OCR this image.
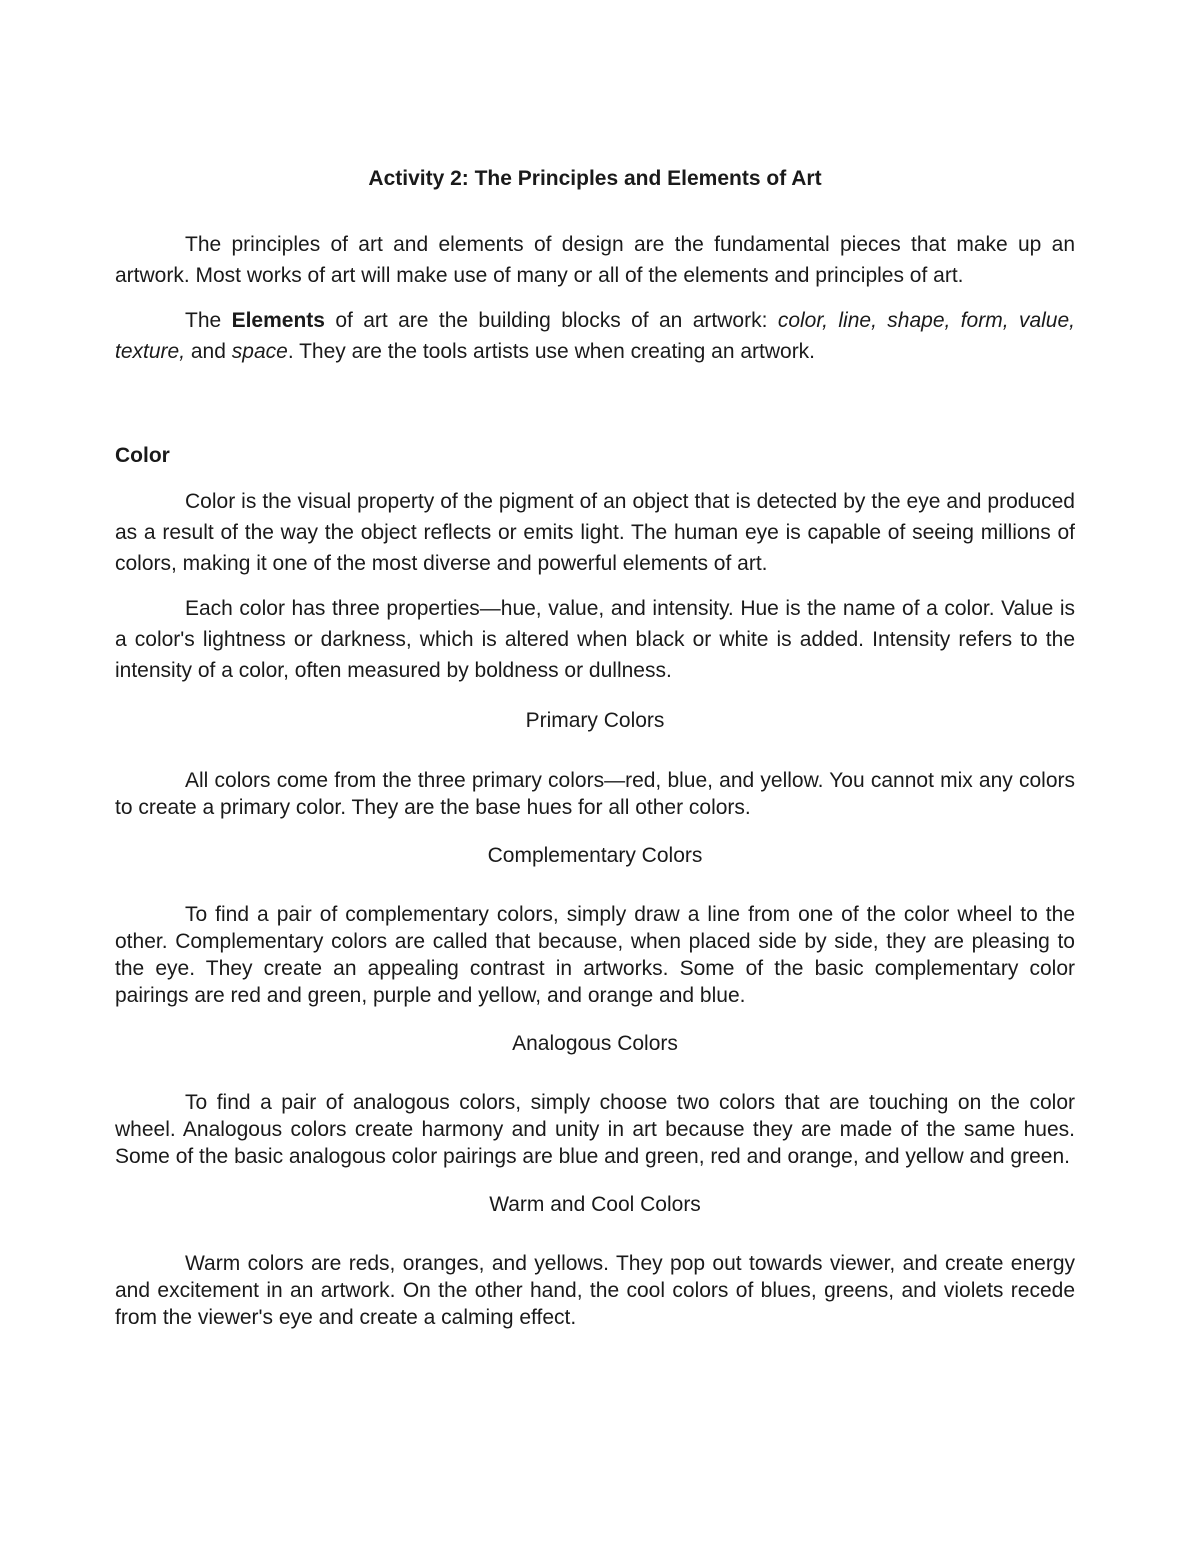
Activity 2: The Principles and Elements of Art

The principles of art and elements of design are the fundamental pieces that make up an artwork. Most works of art will make use of many or all of the elements and principles of art.

The Elements of art are the building blocks of an artwork: color, line, shape, form, value, texture, and space. They are the tools artists use when creating an artwork.

Color

Color is the visual property of the pigment of an object that is detected by the eye and produced as a result of the way the object reflects or emits light. The human eye is capable of seeing millions of colors, making it one of the most diverse and powerful elements of art.

Each color has three properties—hue, value, and intensity. Hue is the name of a color. Value is a color's lightness or darkness, which is altered when black or white is added. Intensity refers to the intensity of a color, often measured by boldness or dullness.

Primary Colors

All colors come from the three primary colors—red, blue, and yellow. You cannot mix any colors to create a primary color. They are the base hues for all other colors.

Complementary Colors

To find a pair of complementary colors, simply draw a line from one of the color wheel to the other. Complementary colors are called that because, when placed side by side, they are pleasing to the eye. They create an appealing contrast in artworks. Some of the basic complementary color pairings are red and green, purple and yellow, and orange and blue.

Analogous Colors

To find a pair of analogous colors, simply choose two colors that are touching on the color wheel. Analogous colors create harmony and unity in art because they are made of the same hues. Some of the basic analogous color pairings are blue and green, red and orange, and yellow and green.

Warm and Cool Colors

Warm colors are reds, oranges, and yellows. They pop out towards viewer, and create energy and excitement in an artwork. On the other hand, the cool colors of blues, greens, and violets recede from the viewer's eye and create a calming effect.
